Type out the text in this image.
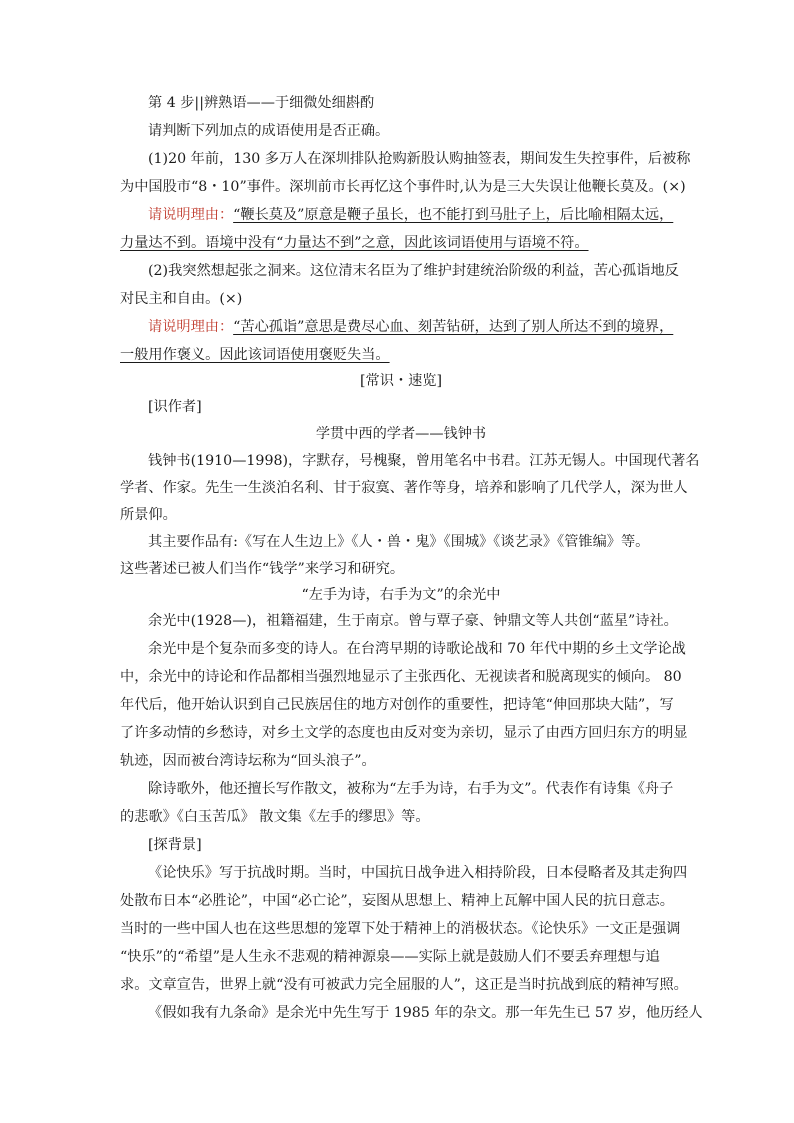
第 4 步||辨熟语——于细微处细斟酌
请判断下列加点的成语使用是否正确。
(1)20 年前，130 多万人在深圳排队抢购新股认购抽签表，期间发生失控事件，后被称
为中国股市“8・10”事件。深圳前市长再忆这个事件时,认为是三大失误让他鞭长莫及。(×)
请说明理由：“鞭长莫及”原意是鞭子虽长，也不能打到马肚子上，后比喻相隔太远，
力量达不到。语境中没有“力量达不到”之意，因此该词语使用与语境不符。
(2)我突然想起张之洞来。这位清末名臣为了维护封建统治阶级的利益，苦心孤诣地反
对民主和自由。(×)
请说明理由：“苦心孤诣”意思是费尽心血、刻苦钻研，达到了别人所达不到的境界，
一般用作褒义。因此该词语使用褒贬失当。
[常识・速览]
[识作者]
学贯中西的学者——钱钟书
钱钟书(1910—1998)，字默存，号槐聚，曾用笔名中书君。江苏无锡人。中国现代著名
学者、作家。先生一生淡泊名利、甘于寂寞、著作等身，培养和影响了几代学人，深为世人
所景仰。
其主要作品有:《写在人生边上》《人・兽・鬼》《围城》《谈艺录》《管锥编》等。
这些著述已被人们当作“钱学”来学习和研究。
“左手为诗，右手为文”的余光中
余光中(1928—)，祖籍福建，生于南京。曾与覃子豪、钟鼎文等人共创“蓝星”诗社。
余光中是个复杂而多变的诗人。在台湾早期的诗歌论战和 70 年代中期的乡土文学论战
中，余光中的诗论和作品都相当强烈地显示了主张西化、无视读者和脱离现实的倾向。 80
年代后，他开始认识到自己民族居住的地方对创作的重要性，把诗笔“伸回那块大陆”，写
了许多动情的乡愁诗，对乡土文学的态度也由反对变为亲切，显示了由西方回归东方的明显
轨迹，因而被台湾诗坛称为“回头浪子”。
除诗歌外，他还擅长写作散文，被称为“左手为诗，右手为文”。代表作有诗集《舟子
的悲歌》《白玉苦瓜》 散文集《左手的缪思》等。
[探背景]
《论快乐》写于抗战时期。当时，中国抗日战争进入相持阶段，日本侵略者及其走狗四
处散布日本“必胜论”，中国“必亡论”，妄图从思想上、精神上瓦解中国人民的抗日意志。
当时的一些中国人也在这些思想的笼罩下处于精神上的消极状态。《论快乐》一文正是强调
“快乐”的“希望”是人生永不悲观的精神源泉——实际上就是鼓励人们不要丢弃理想与追
求。文章宣告，世界上就“没有可被武力完全屈服的人”，这正是当时抗战到底的精神写照。
《假如我有九条命》是余光中先生写于 1985 年的杂文。那一年先生已 57 岁，他历经人
